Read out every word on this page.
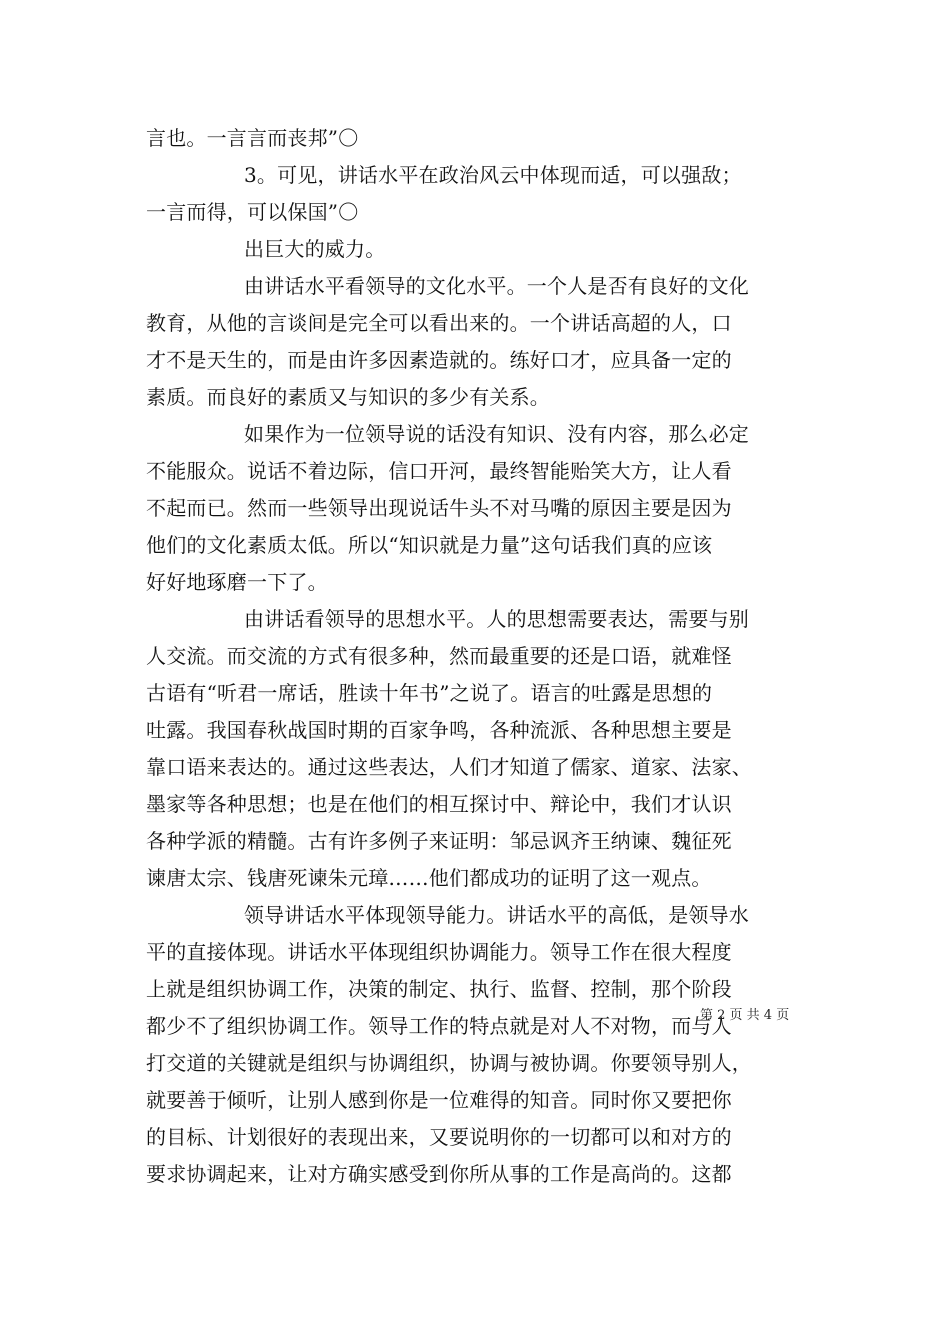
言也。一言言而丧邦”〇
3。可见，讲话水平在政治风云中体现而适，可以强敌；
一言而得，可以保国”〇
出巨大的威力。
由讲话水平看领导的文化水平。一个人是否有良好的文化
教育，从他的言谈间是完全可以看出来的。一个讲话高超的人，口
才不是天生的，而是由许多因素造就的。练好口才，应具备一定的
素质。而良好的素质又与知识的多少有关系。
如果作为一位领导说的话没有知识、没有内容，那么必定
不能服众。说话不着边际，信口开河，最终智能贻笑大方，让人看
不起而已。然而一些领导出现说话牛头不对马嘴的原因主要是因为
他们的文化素质太低。所以“知识就是力量”这句话我们真的应该
好好地琢磨一下了。
由讲话看领导的思想水平。人的思想需要表达，需要与别
人交流。而交流的方式有很多种，然而最重要的还是口语，就难怪
古语有“听君一席话，胜读十年书”之说了。语言的吐露是思想的
吐露。我国春秋战国时期的百家争鸣，各种流派、各种思想主要是
靠口语来表达的。通过这些表达，人们才知道了儒家、道家、法家、
墨家等各种思想；也是在他们的相互探讨中、辩论中，我们才认识
各种学派的精髓。古有许多例子来证明：邹忌讽齐王纳谏、魏征死
谏唐太宗、钱唐死谏朱元璋……他们都成功的证明了这一观点。
领导讲话水平体现领导能力。讲话水平的高低，是领导水
平的直接体现。讲话水平体现组织协调能力。领导工作在很大程度
上就是组织协调工作，决策的制定、执行、监督、控制，那个阶段
都少不了组织协调工作。领导工作的特点就是对人不对物，而与人
打交道的关键就是组织与协调组织，协调与被协调。你要领导别人，
就要善于倾听，让别人感到你是一位难得的知音。同时你又要把你
的目标、计划很好的表现出来，又要说明你的一切都可以和对方的
要求协调起来，让对方确实感受到你所从事的工作是高尚的。这都
第 2 页 共 4 页
